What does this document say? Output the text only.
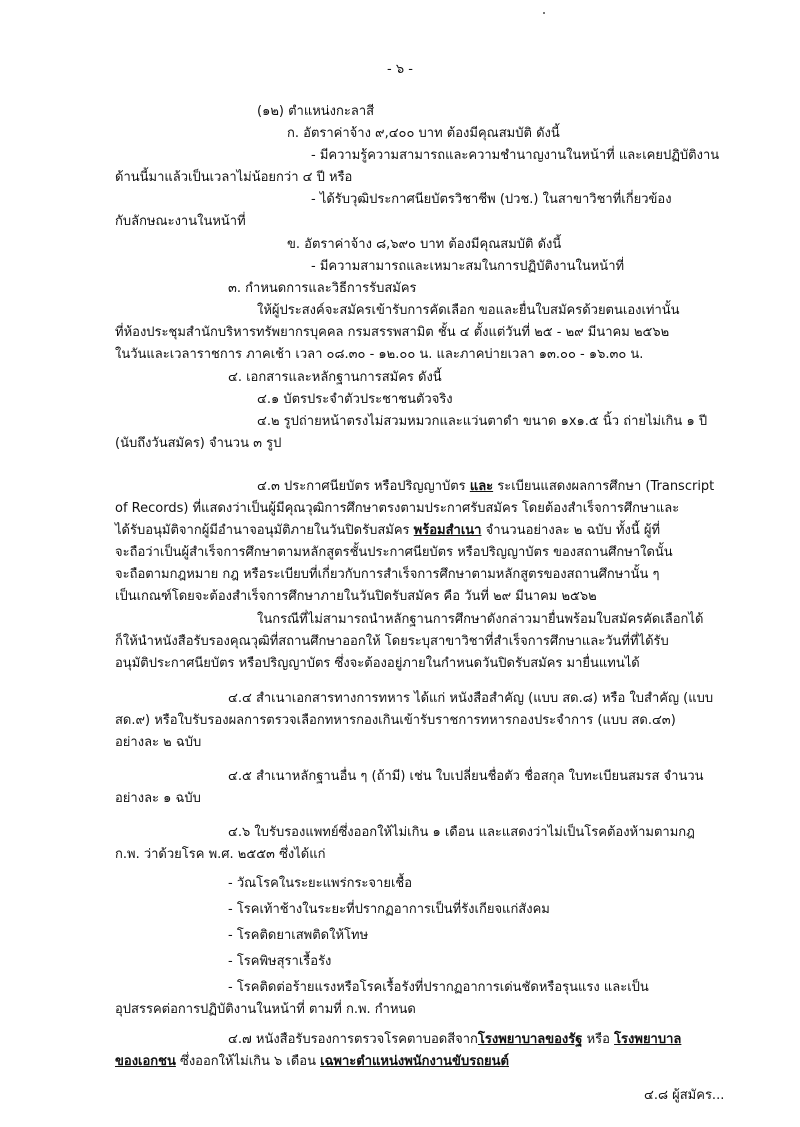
- ๖ -
(๑๒) ตำแหน่งกะลาสี
ก. อัตราค่าจ้าง ๙,๔๐๐ บาท ต้องมีคุณสมบัติ ดังนี้
- มีความรู้ความสามารถและความชำนาญงานในหน้าที่ และเคยปฏิบัติงาน
ด้านนี้มาแล้วเป็นเวลาไม่น้อยกว่า ๔ ปี หรือ
- ได้รับวุฒิประกาศนียบัตรวิชาชีพ (ปวช.) ในสาขาวิชาที่เกี่ยวข้อง
กับลักษณะงานในหน้าที่
ข. อัตราค่าจ้าง ๘,๖๙๐ บาท ต้องมีคุณสมบัติ ดังนี้
- มีความสามารถและเหมาะสมในการปฏิบัติงานในหน้าที่
๓. กำหนดการและวิธีการรับสมัคร
ให้ผู้ประสงค์จะสมัครเข้ารับการคัดเลือก ขอและยื่นใบสมัครด้วยตนเองเท่านั้น
ที่ห้องประชุมสำนักบริหารทรัพยากรบุคคล กรมสรรพสามิต ชั้น ๔ ตั้งแต่วันที่ ๒๕ - ๒๙ มีนาคม ๒๕๖๒
ในวันและเวลาราชการ ภาคเช้า เวลา ๐๘.๓๐ - ๑๒.๐๐ น. และภาคบ่ายเวลา ๑๓.๐๐ - ๑๖.๓๐ น.
๔. เอกสารและหลักฐานการสมัคร ดังนี้
๔.๑ บัตรประจำตัวประชาชนตัวจริง
๔.๒ รูปถ่ายหน้าตรงไม่สวมหมวกและแว่นตาดำ ขนาด ๑x๑.๕ นิ้ว ถ่ายไม่เกิน ๑ ปี
(นับถึงวันสมัคร) จำนวน ๓ รูป
๔.๓ ประกาศนียบัตร หรือปริญญาบัตร และ ระเบียนแสดงผลการศึกษา (Transcript
of Records) ที่แสดงว่าเป็นผู้มีคุณวุฒิการศึกษาตรงตามประกาศรับสมัคร โดยต้องสำเร็จการศึกษาและ
ได้รับอนุมัติจากผู้มีอำนาจอนุมัติภายในวันปิดรับสมัคร พร้อมสำเนา จำนวนอย่างละ ๒ ฉบับ ทั้งนี้ ผู้ที่
จะถือว่าเป็นผู้สำเร็จการศึกษาตามหลักสูตรชั้นประกาศนียบัตร หรือปริญญาบัตร ของสถานศึกษาใดนั้น
จะถือตามกฎหมาย กฎ หรือระเบียบที่เกี่ยวกับการสำเร็จการศึกษาตามหลักสูตรของสถานศึกษานั้น ๆ
เป็นเกณฑ์โดยจะต้องสำเร็จการศึกษาภายในวันปิดรับสมัคร คือ วันที่ ๒๙ มีนาคม ๒๕๖๒
ในกรณีที่ไม่สามารถนำหลักฐานการศึกษาดังกล่าวมายื่นพร้อมใบสมัครคัดเลือกได้
ก็ให้นำหนังสือรับรองคุณวุฒิที่สถานศึกษาออกให้ โดยระบุสาขาวิชาที่สำเร็จการศึกษาและวันที่ที่ได้รับ
อนุมัติประกาศนียบัตร หรือปริญญาบัตร ซึ่งจะต้องอยู่ภายในกำหนดวันปิดรับสมัคร มายื่นแทนได้
๔.๔ สำเนาเอกสารทางการทหาร ได้แก่ หนังสือสำคัญ (แบบ สด.๘) หรือ ใบสำคัญ (แบบ
สด.๙) หรือใบรับรองผลการตรวจเลือกทหารกองเกินเข้ารับราชการทหารกองประจำการ (แบบ สด.๔๓)
อย่างละ ๒ ฉบับ
๔.๕ สำเนาหลักฐานอื่น ๆ (ถ้ามี) เช่น ใบเปลี่ยนชื่อตัว ชื่อสกุล ใบทะเบียนสมรส จำนวน
อย่างละ ๑ ฉบับ
๔.๖ ใบรับรองแพทย์ซึ่งออกให้ไม่เกิน ๑ เดือน และแสดงว่าไม่เป็นโรคต้องห้ามตามกฎ
ก.พ. ว่าด้วยโรค พ.ศ. ๒๕๕๓ ซึ่งได้แก่
- วัณโรคในระยะแพร่กระจายเชื้อ
- โรคเท้าช้างในระยะที่ปรากฏอาการเป็นที่รังเกียจแก่สังคม
- โรคติดยาเสพติดให้โทษ
- โรคพิษสุราเรื้อรัง
- โรคติดต่อร้ายแรงหรือโรคเรื้อรังที่ปรากฏอาการเด่นชัดหรือรุนแรง และเป็น
อุปสรรคต่อการปฏิบัติงานในหน้าที่ ตามที่ ก.พ. กำหนด
๔.๗ หนังสือรับรองการตรวจโรคตาบอดสีจากโรงพยาบาลของรัฐ หรือ โรงพยาบาล
ของเอกชน ซึ่งออกให้ไม่เกิน ๖ เดือน เฉพาะตำแหน่งพนักงานขับรถยนต์
๔.๘ ผู้สมัคร...
